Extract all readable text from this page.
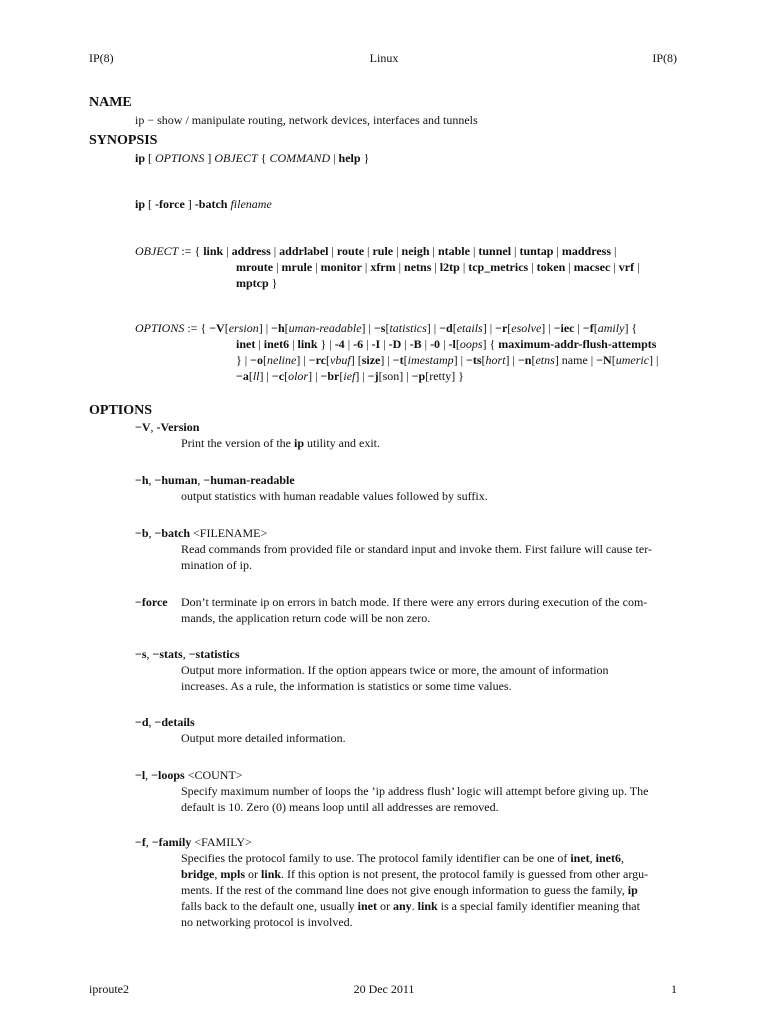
IP(8)	Linux	IP(8)
NAME
ip − show / manipulate routing, network devices, interfaces and tunnels
SYNOPSIS
ip [ OPTIONS ] OBJECT { COMMAND | help }
ip [ -force ] -batch filename
OBJECT := { link | address | addrlabel | route | rule | neigh | ntable | tunnel | tuntap | maddress |
mroute | mrule | monitor | xfrm | netns | l2tp | tcp_metrics | token | macsec | vrf |
mptcp }
OPTIONS := { −V[ersion] | −h[uman-readable] | −s[tatistics] | −d[etails] | −r[esolve] | −iec | −f[amily] {
inet | inet6 | link } | -4 | -6 | -I | -D | -B | -0 | -l[oops] { maximum-addr-flush-attempts
} | −o[neline] | −rc[vbuf] [size] | −t[imestamp] | −ts[hort] | −n[etns] name | −N[umeric] |
−a[ll] | −c[olor] | −br[ief] | −j[son] | −p[retty] }
OPTIONS
−V, -Version
Print the version of the ip utility and exit.
−h, −human, −human-readable
output statistics with human readable values followed by suffix.
−b, −batch <FILENAME>
Read commands from provided file or standard input and invoke them. First failure will cause ter-
mination of ip.
−force Don’t terminate ip on errors in batch mode. If there were any errors during execution of the com-
mands, the application return code will be non zero.
−s, −stats, −statistics
Output more information. If the option appears twice or more, the amount of information
increases. As a rule, the information is statistics or some time values.
−d, −details
Output more detailed information.
−l, −loops <COUNT>
Specify maximum number of loops the ’ip address flush’ logic will attempt before giving up. The
default is 10. Zero (0) means loop until all addresses are removed.
−f, −family <FAMILY>
Specifies the protocol family to use. The protocol family identifier can be one of inet, inet6,
bridge, mpls or link. If this option is not present, the protocol family is guessed from other argu-
ments. If the rest of the command line does not give enough information to guess the family, ip
falls back to the default one, usually inet or any. link is a special family identifier meaning that
no networking protocol is involved.
iproute2	20 Dec 2011	1
